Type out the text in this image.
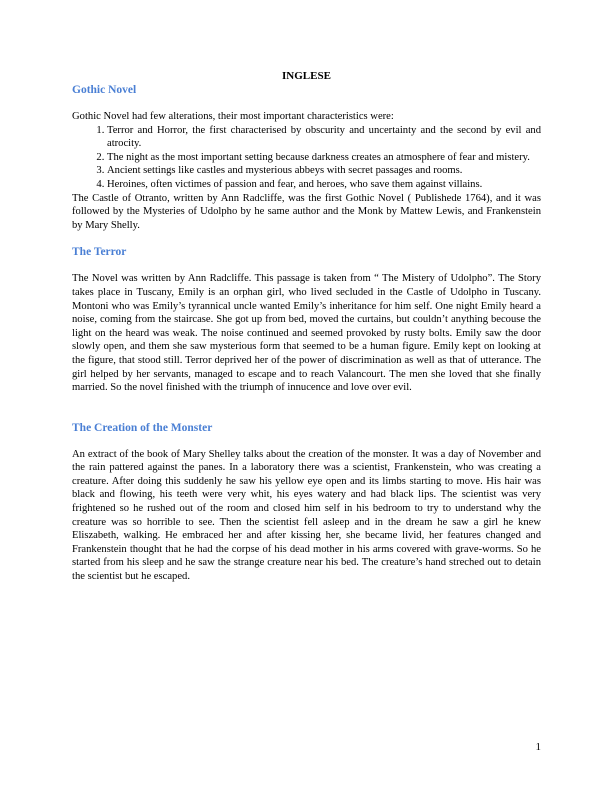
INGLESE
Gothic Novel

Gothic Novel had few alterations, their most important characteristics were:

1. Terror and Horror, the first characterised by obscurity and uncertainty and the second by evil and atrocity.
2. The night as the most important setting because darkness creates an atmosphere of fear and mistery.
3. Ancient settings like castles and mysterious abbeys with secret passages and rooms.
4. Heroines, often victimes of passion and fear, and heroes, who save them against villains.

The Castle of Otranto, written by Ann Radcliffe, was the first Gothic Novel ( Publishede 1764), and it was followed by the Mysteries of Udolpho by he same author and the Monk by Mattew Lewis, and Frankenstein by Mary Shelly.

The Terror

The Novel was written by Ann Radcliffe. This passage is taken from “ The Mistery of Udolpho”. The Story takes place in Tuscany, Emily is an orphan girl, who lived secluded in the Castle of Udolpho in Tuscany. Montoni who was Emily’s tyrannical uncle wanted Emily’s inheritance for him self. One night Emily heard a noise, coming from the staircase. She got up from bed, moved the curtains, but couldn’t anything becouse the light on the heard was weak. The noise continued and seemed provoked by rusty bolts. Emily saw the door slowly open, and them she saw mysterious form that seemed to be a human figure. Emily kept on looking at the figure, that stood still. Terror deprived her of the power of discrimination as well as that of utterance. The girl helped by her servants, managed to escape and to reach Valancourt. The men she loved that she finally married. So the novel finished with the triumph of innucence and love over evil.

The Creation of the Monster

An extract of the book of Mary Shelley talks about the creation of the monster. It was a day of November and the rain pattered against the panes. In a laboratory there was a scientist, Frankenstein, who was creating a creature. After doing this suddenly he saw his yellow eye open and its limbs starting to move. His hair was black and flowing, his teeth were very whit, his eyes watery and had black lips. The scientist was very frightened so he rushed out of the room and closed him self in his bedroom to try to understand why the creature was so horrible to see. Then the scientist fell asleep and in the dream he saw a girl he knew Eliszabeth, walking. He embraced her and after kissing her, she became livid, her features changed and Frankenstein thought that he had the corpse of his dead mother in his arms covered with grave-worms. So he started from his sleep and he saw the strange creature near his bed. The creature’s hand streched out to detain the scientist but he escaped.

1
